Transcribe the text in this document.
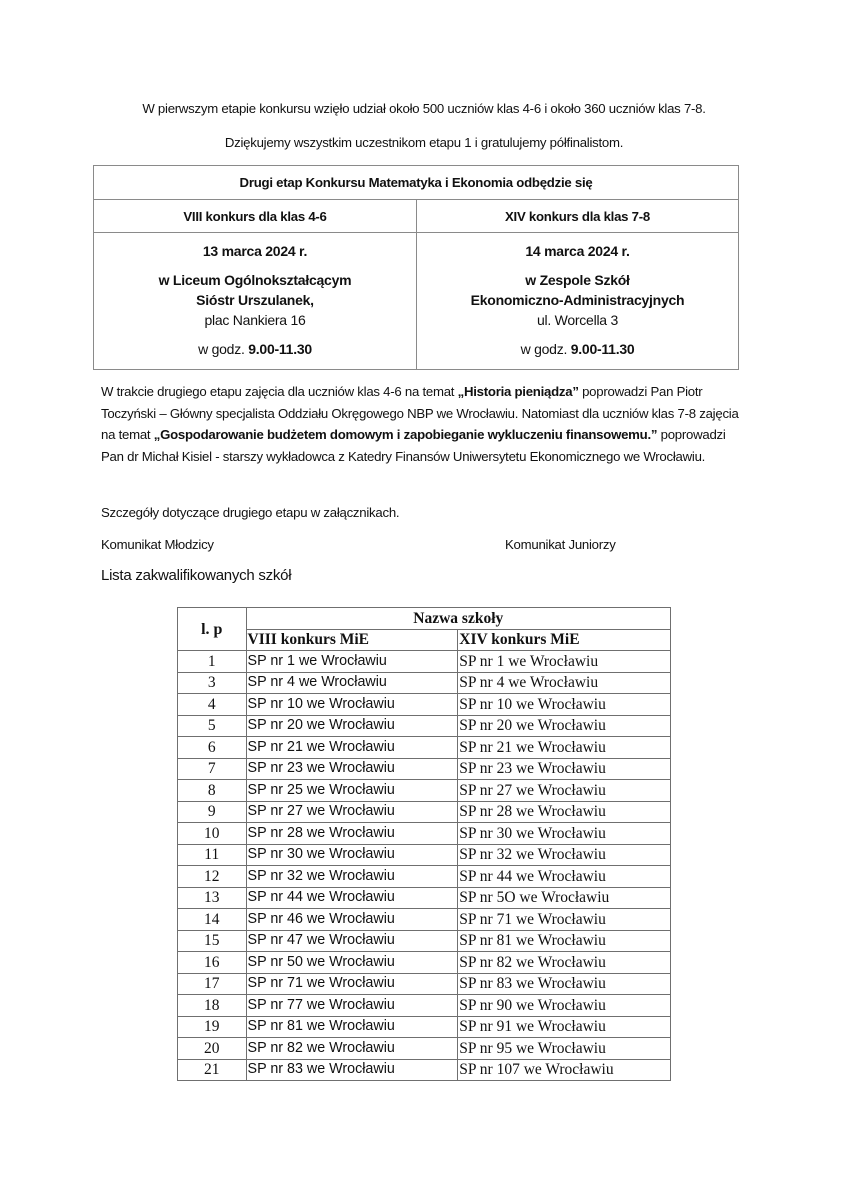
W pierwszym etapie konkursu wzięło udział około 500 uczniów klas 4-6 i około 360 uczniów klas 7-8.
Dziękujemy wszystkim uczestnikom etapu 1 i gratulujemy półfinalistom.
Drugi etap Konkursu Matematyka i Ekonomia odbędzie się	
VIII konkurs dla klas 4-6	XIV konkurs dla klas 7-8

13 marca 2024 r.
w Liceum Ogólnokształcącym
Sióstr Urszulanek,
plac Nankiera 16
w godz. 9.00-11.30

14 marca 2024 r.
w Zespole Szkół
Ekonomiczno-Administracyjnych
ul. Worcella 3
w godz. 9.00-11.30
W trakcie drugiego etapu zajęcia dla uczniów klas 4-6 na temat „Historia pieniądza” poprowadzi Pan Piotr Toczyński – Główny specjalista Oddziału Okręgowego NBP we Wrocławiu. Natomiast dla uczniów klas 7-8 zajęcia na temat „Gospodarowanie budżetem domowym i zapobieganie wykluczeniu finansowemu.” poprowadzi Pan dr Michał Kisiel - starszy wykładowca z Katedry Finansów Uniwersytetu Ekonomicznego we Wrocławiu.
Szczegóły dotyczące drugiego etapu w załącznikach.
Komunikat Młodzicy	Komunikat Juniorzy
Lista zakwalifikowanych szkół
l. p	Nazwa szkoły	
	VIII konkurs MiE	XIV konkurs MiE
1	SP nr 1 we Wrocławiu	SP nr 1 we Wrocławiu
3	SP nr 4 we Wrocławiu	SP nr 4 we Wrocławiu
4	SP nr 10 we Wrocławiu	SP nr 10 we Wrocławiu
5	SP nr 20 we Wrocławiu	SP nr 20 we Wrocławiu
6	SP nr 21 we Wrocławiu	SP nr 21 we Wrocławiu
7	SP nr 23 we Wrocławiu	SP nr 23 we Wrocławiu
8	SP nr 25 we Wrocławiu	SP nr 27 we Wrocławiu
9	SP nr 27 we Wrocławiu	SP nr 28 we Wrocławiu
10	SP nr 28 we Wrocławiu	SP nr 30 we Wrocławiu
11	SP nr 30 we Wrocławiu	SP nr 32 we Wrocławiu
12	SP nr 32 we Wrocławiu	SP nr 44 we Wrocławiu
13	SP nr 44 we Wrocławiu	SP nr 5O we Wrocławiu
14	SP nr 46 we Wrocławiu	SP nr 71 we Wrocławiu
15	SP nr 47 we Wrocławiu	SP nr 81 we Wrocławiu
16	SP nr 50 we Wrocławiu	SP nr 82 we Wrocławiu
17	SP nr 71 we Wrocławiu	SP nr 83 we Wrocławiu
18	SP nr 77 we Wrocławiu	SP nr 90 we Wrocławiu
19	SP nr 81 we Wrocławiu	SP nr 91 we Wrocławiu
20	SP nr 82 we Wrocławiu	SP nr 95 we Wrocławiu
21	SP nr 83 we Wrocławiu	SP nr 107 we Wrocławiu
